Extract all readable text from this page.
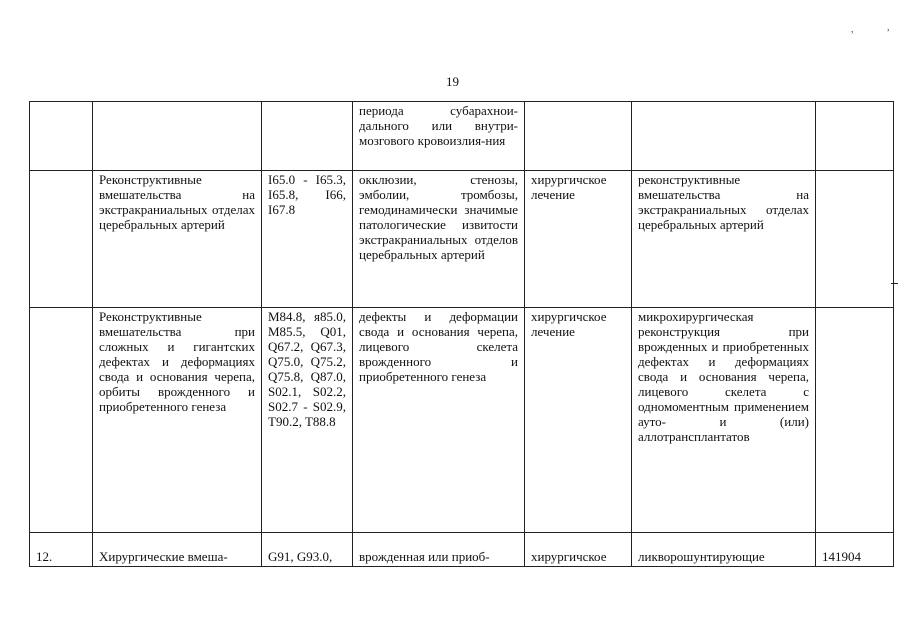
,	,
19
			периода субарахнои-дального или внутри-мозгового кровоизлия-ния			
	Реконструктивные вмешательства на экстракраниальных отделах церебральных артерий	I65.0 - I65.3, I65.8, I66, I67.8	окклюзии, стенозы, эмболии, тромбозы, гемодинамически значимые патологические извитости экстракраниальных отделов церебральных артерий	хирургичское лечение	реконструктивные вмешательства на экстракраниальных отделах церебральных артерий	
	Реконструктивные вмешательства при сложных и гигантских дефектах и деформациях свода и основания черепа, орбиты врожденного и приобретенного генеза	M84.8, я85.0, M85.5, Q01, Q67.2, Q67.3, Q75.0, Q75.2, Q75.8, Q87.0, S02.1, S02.2, S02.7 - S02.9, T90.2, T88.8	дефекты и деформации свода и основания черепа, лицевого скелета врожденного и приобретенного генеза	хирургичское лечение	микрохирургическая реконструкция при врожденных и приобретенных дефектах и деформациях свода и основания черепа, лицевого скелета с одномоментным применением ауто- и (или) аллотрансплантатов	
12.	Хирургические вмеша-	G91, G93.0,	врожденная или приоб-	хирургичское	ликворошунтирующие	141904
